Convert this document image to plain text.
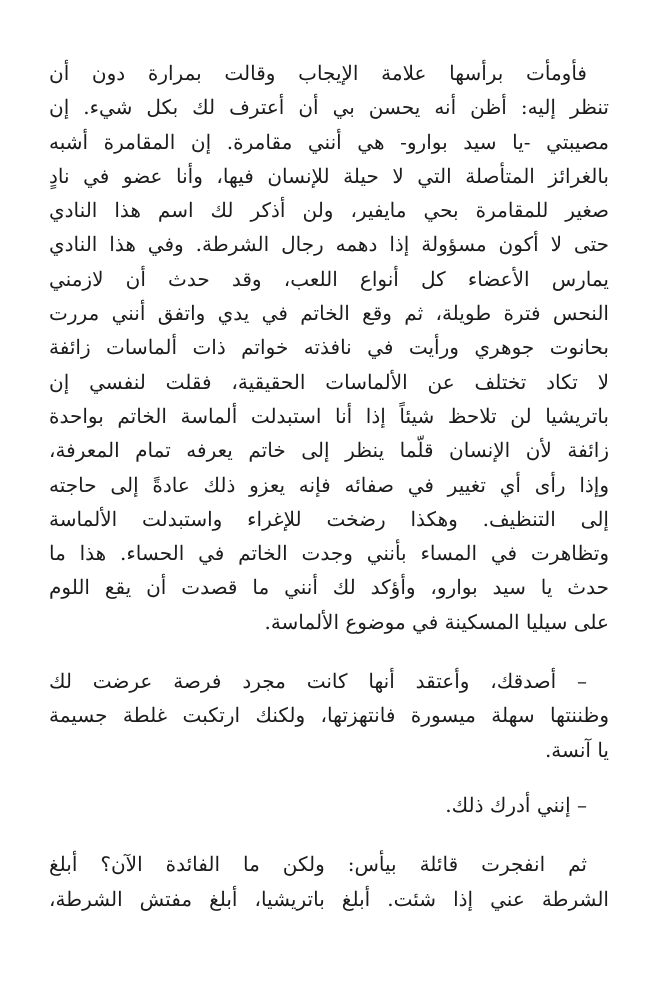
فأومأت برأسها علامة الإيجاب وقالت بمرارة دون أن
تنظر إليه: أظن أنه يحسن بي أن أعترف لك بكل شيء. إن
مصيبتي -يا سيد بوارو- هي أنني مقامرة. إن المقامرة أشبه
بالغرائز المتأصلة التي لا حيلة للإنسان فيها، وأنا عضو في نادٍ
صغير للمقامرة بحي مايفير، ولن أذكر لك اسم هذا النادي
حتى لا أكون مسؤولة إذا دهمه رجال الشرطة. وفي هذا النادي
يمارس الأعضاء كل أنواع اللعب، وقد حدث أن لازمني
النحس فترة طويلة، ثم وقع الخاتم في يدي واتفق أنني مررت
بحانوت جوهري ورأيت في نافذته خواتم ذات ألماسات زائفة
لا تكاد تختلف عن الألماسات الحقيقية، فقلت لنفسي إن
باتريشيا لن تلاحظ شيئاً إذا أنا استبدلت ألماسة الخاتم بواحدة
زائفة لأن الإنسان قلّما ينظر إلى خاتم يعرفه تمام المعرفة،
وإذا رأى أي تغيير في صفائه فإنه يعزو ذلك عادةً إلى حاجته
إلى التنظيف. وهكذا رضخت للإغراء واستبدلت الألماسة
وتظاهرت في المساء بأنني وجدت الخاتم في الحساء. هذا ما
حدث يا سيد بوارو، وأؤكد لك أنني ما قصدت أن يقع اللوم
على سيليا المسكينة في موضوع الألماسة.
– أصدقك، وأعتقد أنها كانت مجرد فرصة عرضت لك
وظننتها سهلة ميسورة فانتهزتها، ولكنك ارتكبت غلطة جسيمة
يا آنسة.
– إنني أدرك ذلك.
ثم انفجرت قائلة بيأس: ولكن ما الفائدة الآن؟ أبلغ
الشرطة عني إذا شئت. أبلغ باتريشيا، أبلغ مفتش الشرطة،
